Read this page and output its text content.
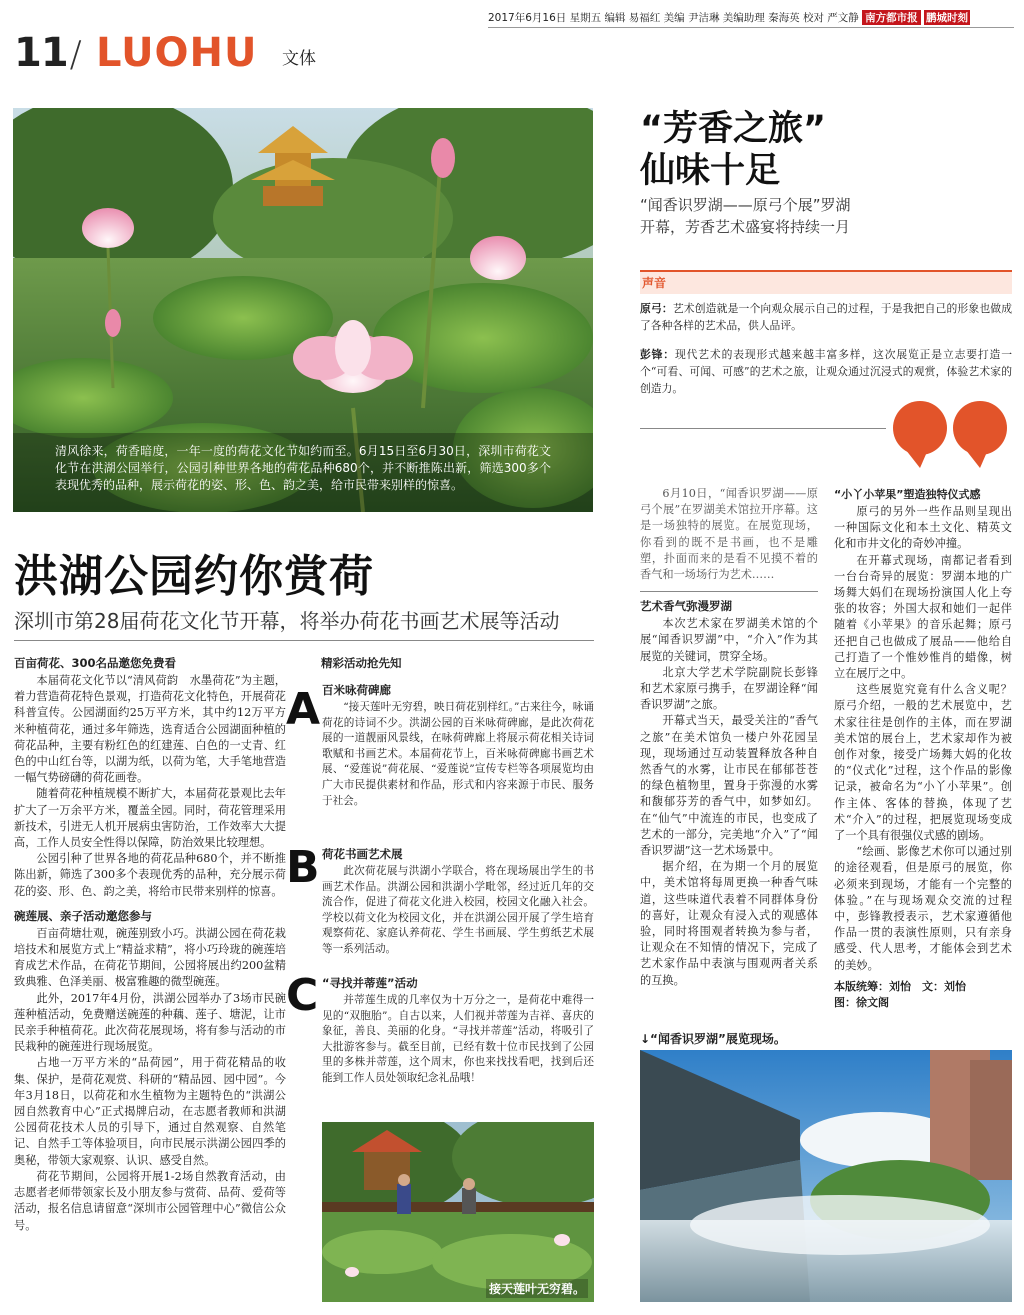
2017年6月16日 星期五 编辑 易福红 美编 尹洁琳 美编助理 秦海英 校对 严文静 南方都市报 鹏城时刻
11/ LUOHU 文体
清风徐来，荷香暗度，一年一度的荷花文化节如约而至。6月15日至6月30日，深圳市荷花文化节在洪湖公园举行，公园引种世界各地的荷花品种680个，并不断推陈出新，筛选300多个表现优秀的品种，展示荷花的姿、形、色、韵之美，给市民带来别样的惊喜。
洪湖公园约你赏荷
深圳市第28届荷花文化节开幕，将举办荷花书画艺术展等活动
百亩荷花、300名品邀您免费看

本届荷花文化节以“清风荷韵　水墨荷花”为主题，着力营造荷花特色景观，打造荷花文化特色，开展荷花科普宣传。公园湖面约25万平方米，其中约12万平方米种植荷花，通过多年筛选，选育适合公园湖面种植的荷花品种，主要有粉红色的红建莲、白色的一丈青、红色的中山红台等，以湖为纸，以荷为笔，大手笔地营造一幅气势磅礴的荷花画卷。

随着荷花种植规模不断扩大，本届荷花景观比去年扩大了一万余平方米，覆盖全园。同时，荷花管理采用新技术，引进无人机开展病虫害防治，工作效率大大提高，工作人员安全性得以保障，防治效果比较理想。

公园引种了世界各地的荷花品种680个，并不断推陈出新，筛选了300多个表现优秀的品种，充分展示荷花的姿、形、色、韵之美，将给市民带来别样的惊喜。

碗莲展、亲子活动邀您参与

百亩荷塘壮观，碗莲别致小巧。洪湖公园在荷花栽培技术和展览方式上“精益求精”，将小巧玲珑的碗莲培育成艺术作品，在荷花节期间，公园将展出约200盆精致典雅、色泽美丽、极富雅趣的微型碗莲。

此外，2017年4月份，洪湖公园举办了3场市民碗莲种植活动，免费赠送碗莲的种藕、莲子、塘泥，让市民亲手种植荷花。此次荷花展现场，将有参与活动的市民栽种的碗莲进行现场展览。

占地一万平方米的“品荷园”，用于荷花精品的收集、保护，是荷花观赏、科研的“精品园、园中园”。今年3月18日，以荷花和水生植物为主题特色的“洪湖公园自然教育中心”正式揭牌启动，在志愿者教师和洪湖公园荷花技术人员的引导下，通过自然观察、自然笔记、自然手工等体验项目，向市民展示洪湖公园四季的奥秘，带领大家观察、认识、感受自然。

荷花节期间，公园将开展1-2场自然教育活动，由志愿者老师带领家长及小朋友参与赏荷、品荷、爱荷等活动，报名信息请留意“深圳市公园管理中心”微信公众号。

精彩活动抢先知
A 百米咏荷碑廊

“接天莲叶无穷碧，映日荷花别样红。”古来往今，咏诵荷花的诗词不少。洪湖公园的百米咏荷碑廊，是此次荷花展的一道靓丽风景线，在咏荷碑廊上将展示荷花相关诗词歌赋和书画艺术。本届荷花节上，百米咏荷碑廊书画艺术展、“爱莲说”荷花展、“爱莲说”宣传专栏等各项展览均由广大市民提供素材和作品，形式和内容来源于市民、服务于社会。

B 荷花书画艺术展

此次荷花展与洪湖小学联合，将在现场展出学生的书画艺术作品。洪湖公园和洪湖小学毗邻，经过近几年的交流合作，促进了荷花文化进入校园，校园文化融入社会。学校以荷文化为校园文化，并在洪湖公园开展了学生培育观察荷花、家庭认养荷花、学生书画展、学生剪纸艺术展等一系列活动。

C “寻找并蒂莲”活动

并蒂莲生成的几率仅为十万分之一，是荷花中难得一见的“双胞胎”。自古以来，人们视并蒂莲为吉祥、喜庆的象征，善良、美丽的化身。“寻找并蒂莲”活动，将吸引了大批游客参与。截至目前，已经有数十位市民找到了公园里的多株并蒂莲，这个周末，你也来找找看吧，找到后还能到工作人员处领取纪念礼品哦！

接天莲叶无穷碧。
“芳香之旅”
仙味十足
“闻香识罗湖——原弓个展”罗湖
开幕，芳香艺术盛宴将持续一月
声音

原弓：艺术创造就是一个向观众展示自己的过程，于是我把自己的形象也做成了各种各样的艺术品，供人品评。

彭锋：现代艺术的表现形式越来越丰富多样，这次展览正是立志要打造一个“可看、可闻、可感”的艺术之旅，让观众通过沉浸式的观赏，体验艺术家的创造力。

6月10日，“闻香识罗湖——原弓个展”在罗湖美术馆拉开序幕。这是一场独特的展览。在展览现场，你看到的既不是书画，也不是雕塑，扑面而来的是看不见摸不着的香气和一场场行为艺术……

艺术香气弥漫罗湖

本次艺术家在罗湖美术馆的个展“闻香识罗湖”中，“介入”作为其展览的关键词，贯穿全场。

北京大学艺术学院副院长彭锋和艺术家原弓携手，在罗湖诠释“闻香识罗湖”之旅。

开幕式当天，最受关注的“香气之旅”在美术馆负一楼户外花园呈现，现场通过互动装置释放各种自然香气的水雾，让市民在郁郁苍苍的绿色植物里，置身于弥漫的水雾和馥郁芬芳的香气中，如梦如幻。在“仙气”中流连的市民，也变成了艺术的一部分，完美地“介入”了“闻香识罗湖”这一艺术场景中。

据介绍，在为期一个月的展览中，美术馆将每周更换一种香气味道，这些味道代表着不同群体身份的喜好，让观众有浸入式的观感体验，同时将围观者转换为参与者，让观众在不知情的情况下，完成了艺术家作品中表演与围观两者关系的互换。

“小丫小苹果”塑造独特仪式感

原弓的另外一些作品则呈现出一种国际文化和本土文化、精英文化和市井文化的奇妙冲撞。

在开幕式现场，南都记者看到一台台奇异的展览：罗湖本地的广场舞大妈们在现场扮演国人化上夸张的妆容；外国大叔和她们一起伴随着《小苹果》的音乐起舞；原弓还把自己也做成了展品——他给自己打造了一个惟妙惟肖的蜡像，树立在展厅之中。

这些展览究竟有什么含义呢？原弓介绍，一般的艺术展览中，艺术家往往是创作的主体，而在罗湖美术馆的展台上，艺术家却作为被创作对象，接受广场舞大妈的化妆的“仪式化”过程，这个作品的影像记录，被命名为“小丫小苹果”。创作主体、客体的替换，体现了艺术“介入”的过程，把展览现场变成了一个具有很强仪式感的剧场。

“绘画、影像艺术你可以通过别的途径观看，但是原弓的展览，你必须来到现场，才能有一个完整的体验。”在与现场观众交流的过程中，彭锋教授表示，艺术家遵循他作品一贯的表演性原则，只有亲身感受、代人思考，才能体会到艺术的美妙。

本版统筹：刘怡　文：刘怡
图：徐文阁
↓“闻香识罗湖”展览现场。
